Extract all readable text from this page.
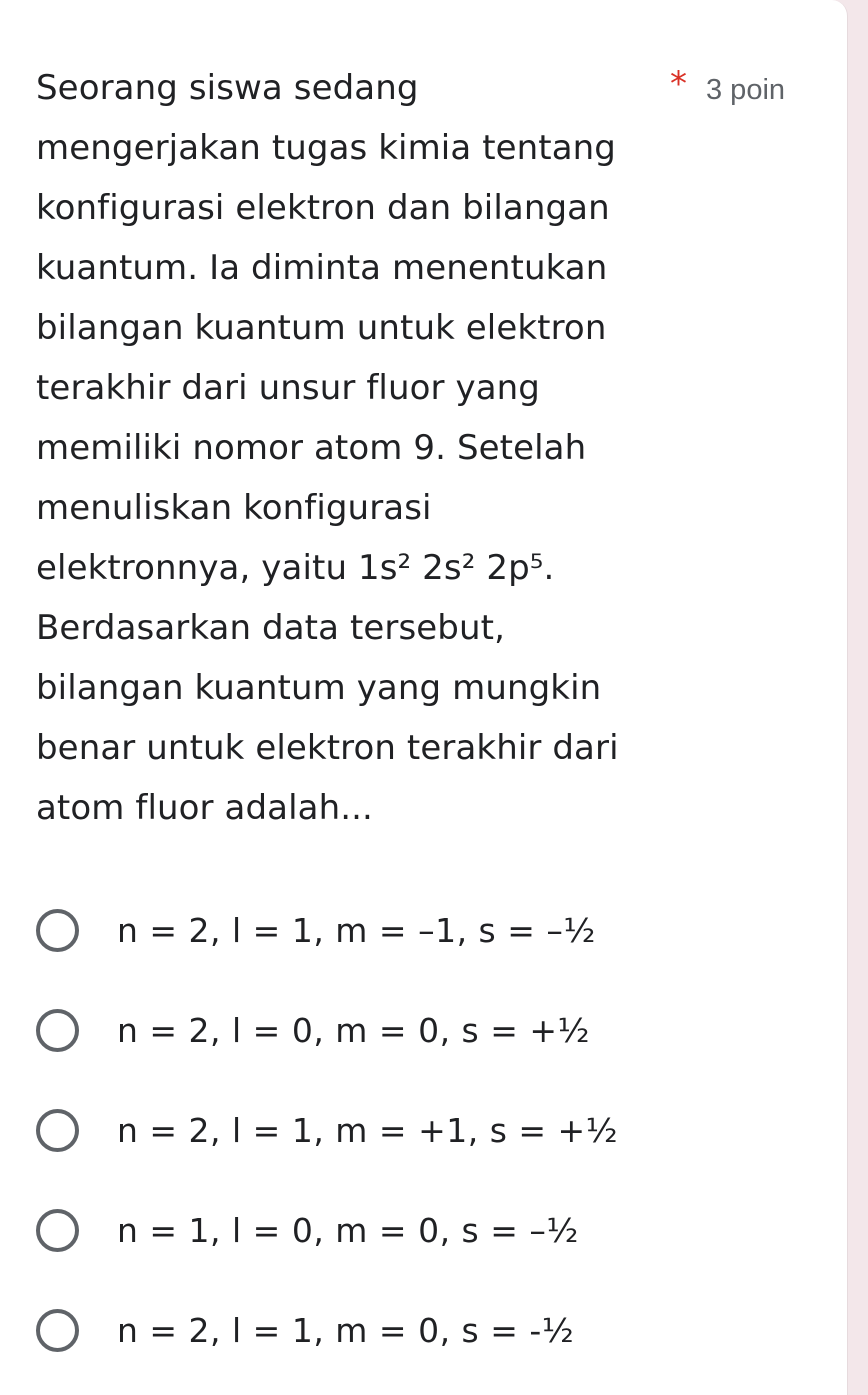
Seorang siswa sedang
mengerjakan tugas kimia tentang
konfigurasi elektron dan bilangan
kuantum. Ia diminta menentukan
bilangan kuantum untuk elektron
terakhir dari unsur fluor yang
memiliki nomor atom 9. Setelah
menuliskan konfigurasi
elektronnya, yaitu 1s² 2s² 2p⁵.
Berdasarkan data tersebut,
bilangan kuantum yang mungkin
benar untuk elektron terakhir dari
atom fluor adalah...
* 3 poin
n = 2, l = 1, m = –1, s = –½
n = 2, l = 0, m = 0, s = +½
n = 2, l = 1, m = +1, s = +½
n = 1, l = 0, m = 0, s = –½
n = 2, l = 1, m = 0, s = -½
